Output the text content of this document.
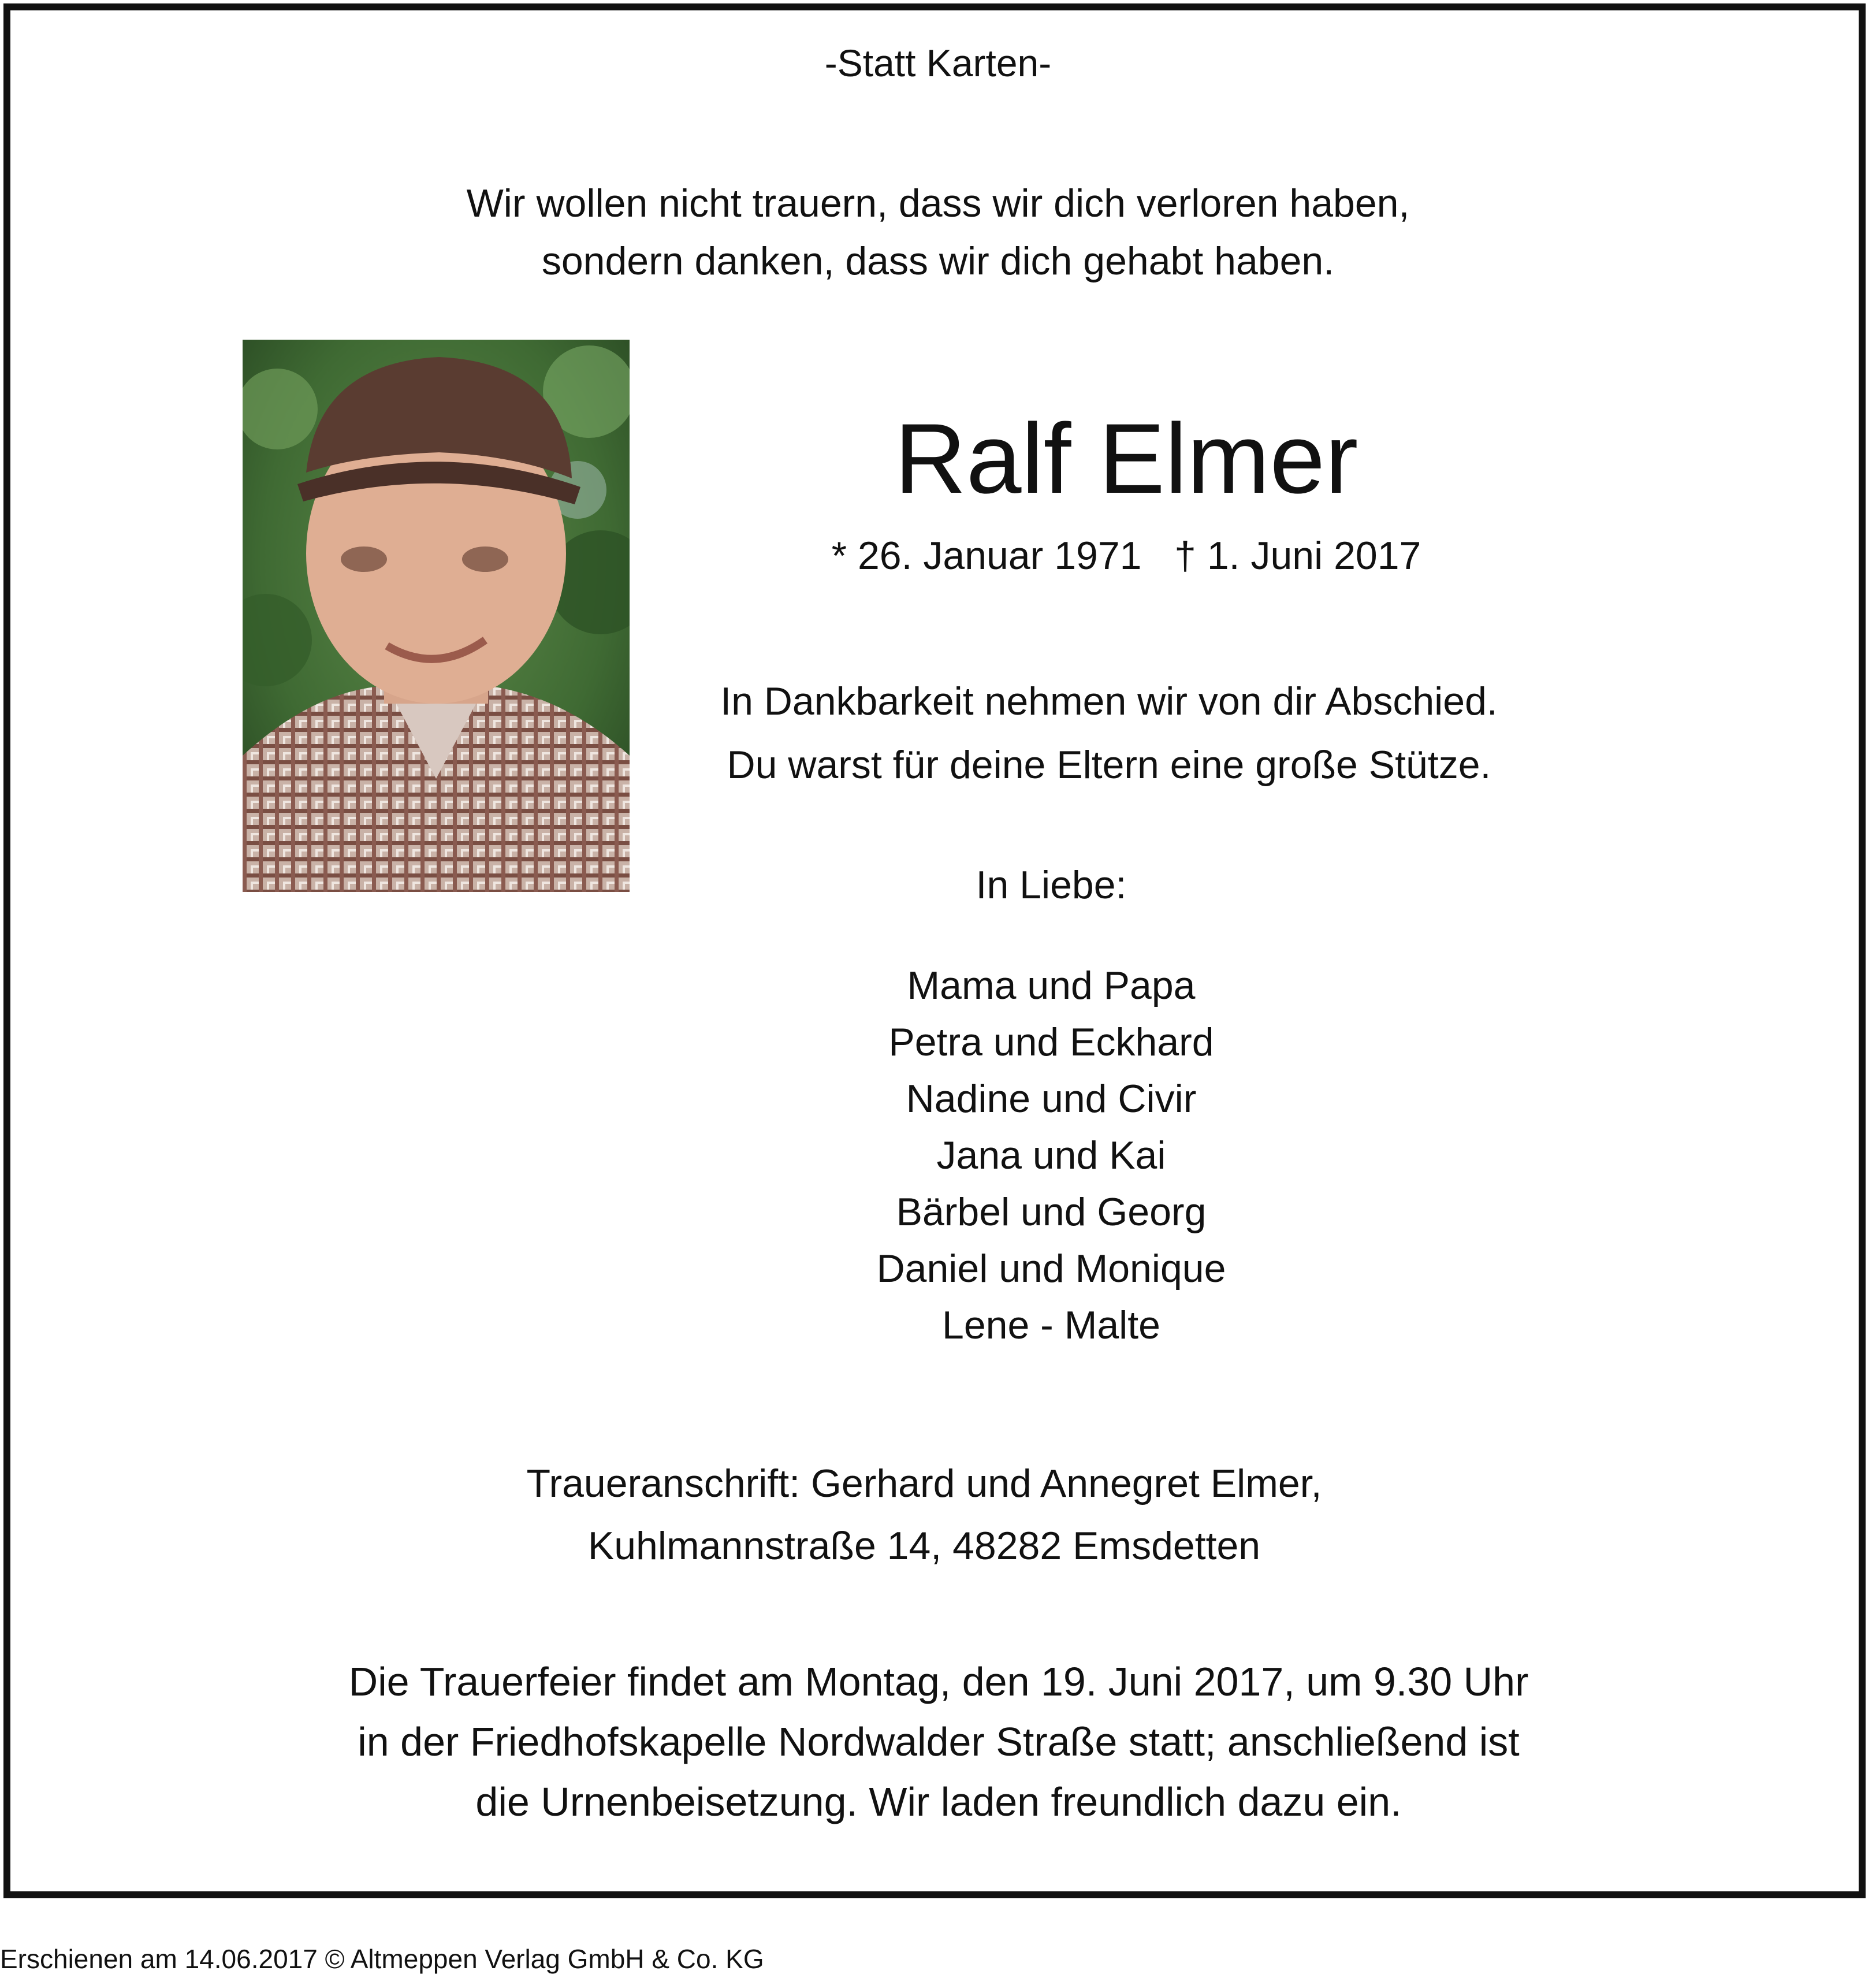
-Statt Karten-
Wir wollen nicht trauern, dass wir dich verloren haben,
sondern danken, dass wir dich gehabt haben.
Ralf Elmer
* 26. Januar 1971   † 1. Juni 2017
In Dankbarkeit nehmen wir von dir Abschied.
Du warst für deine Eltern eine große Stütze.
In Liebe:
Mama und Papa
Petra und Eckhard
Nadine und Civir
Jana und Kai
Bärbel und Georg
Daniel und Monique
Lene - Malte
Traueranschrift: Gerhard und Annegret Elmer,
Kuhlmannstraße 14, 48282 Emsdetten
Die Trauerfeier findet am Montag, den 19. Juni 2017, um 9.30 Uhr
in der Friedhofskapelle Nordwalder Straße statt; anschließend ist
die Urnenbeisetzung. Wir laden freundlich dazu ein.
Erschienen am 14.06.2017 © Altmeppen Verlag GmbH & Co. KG
